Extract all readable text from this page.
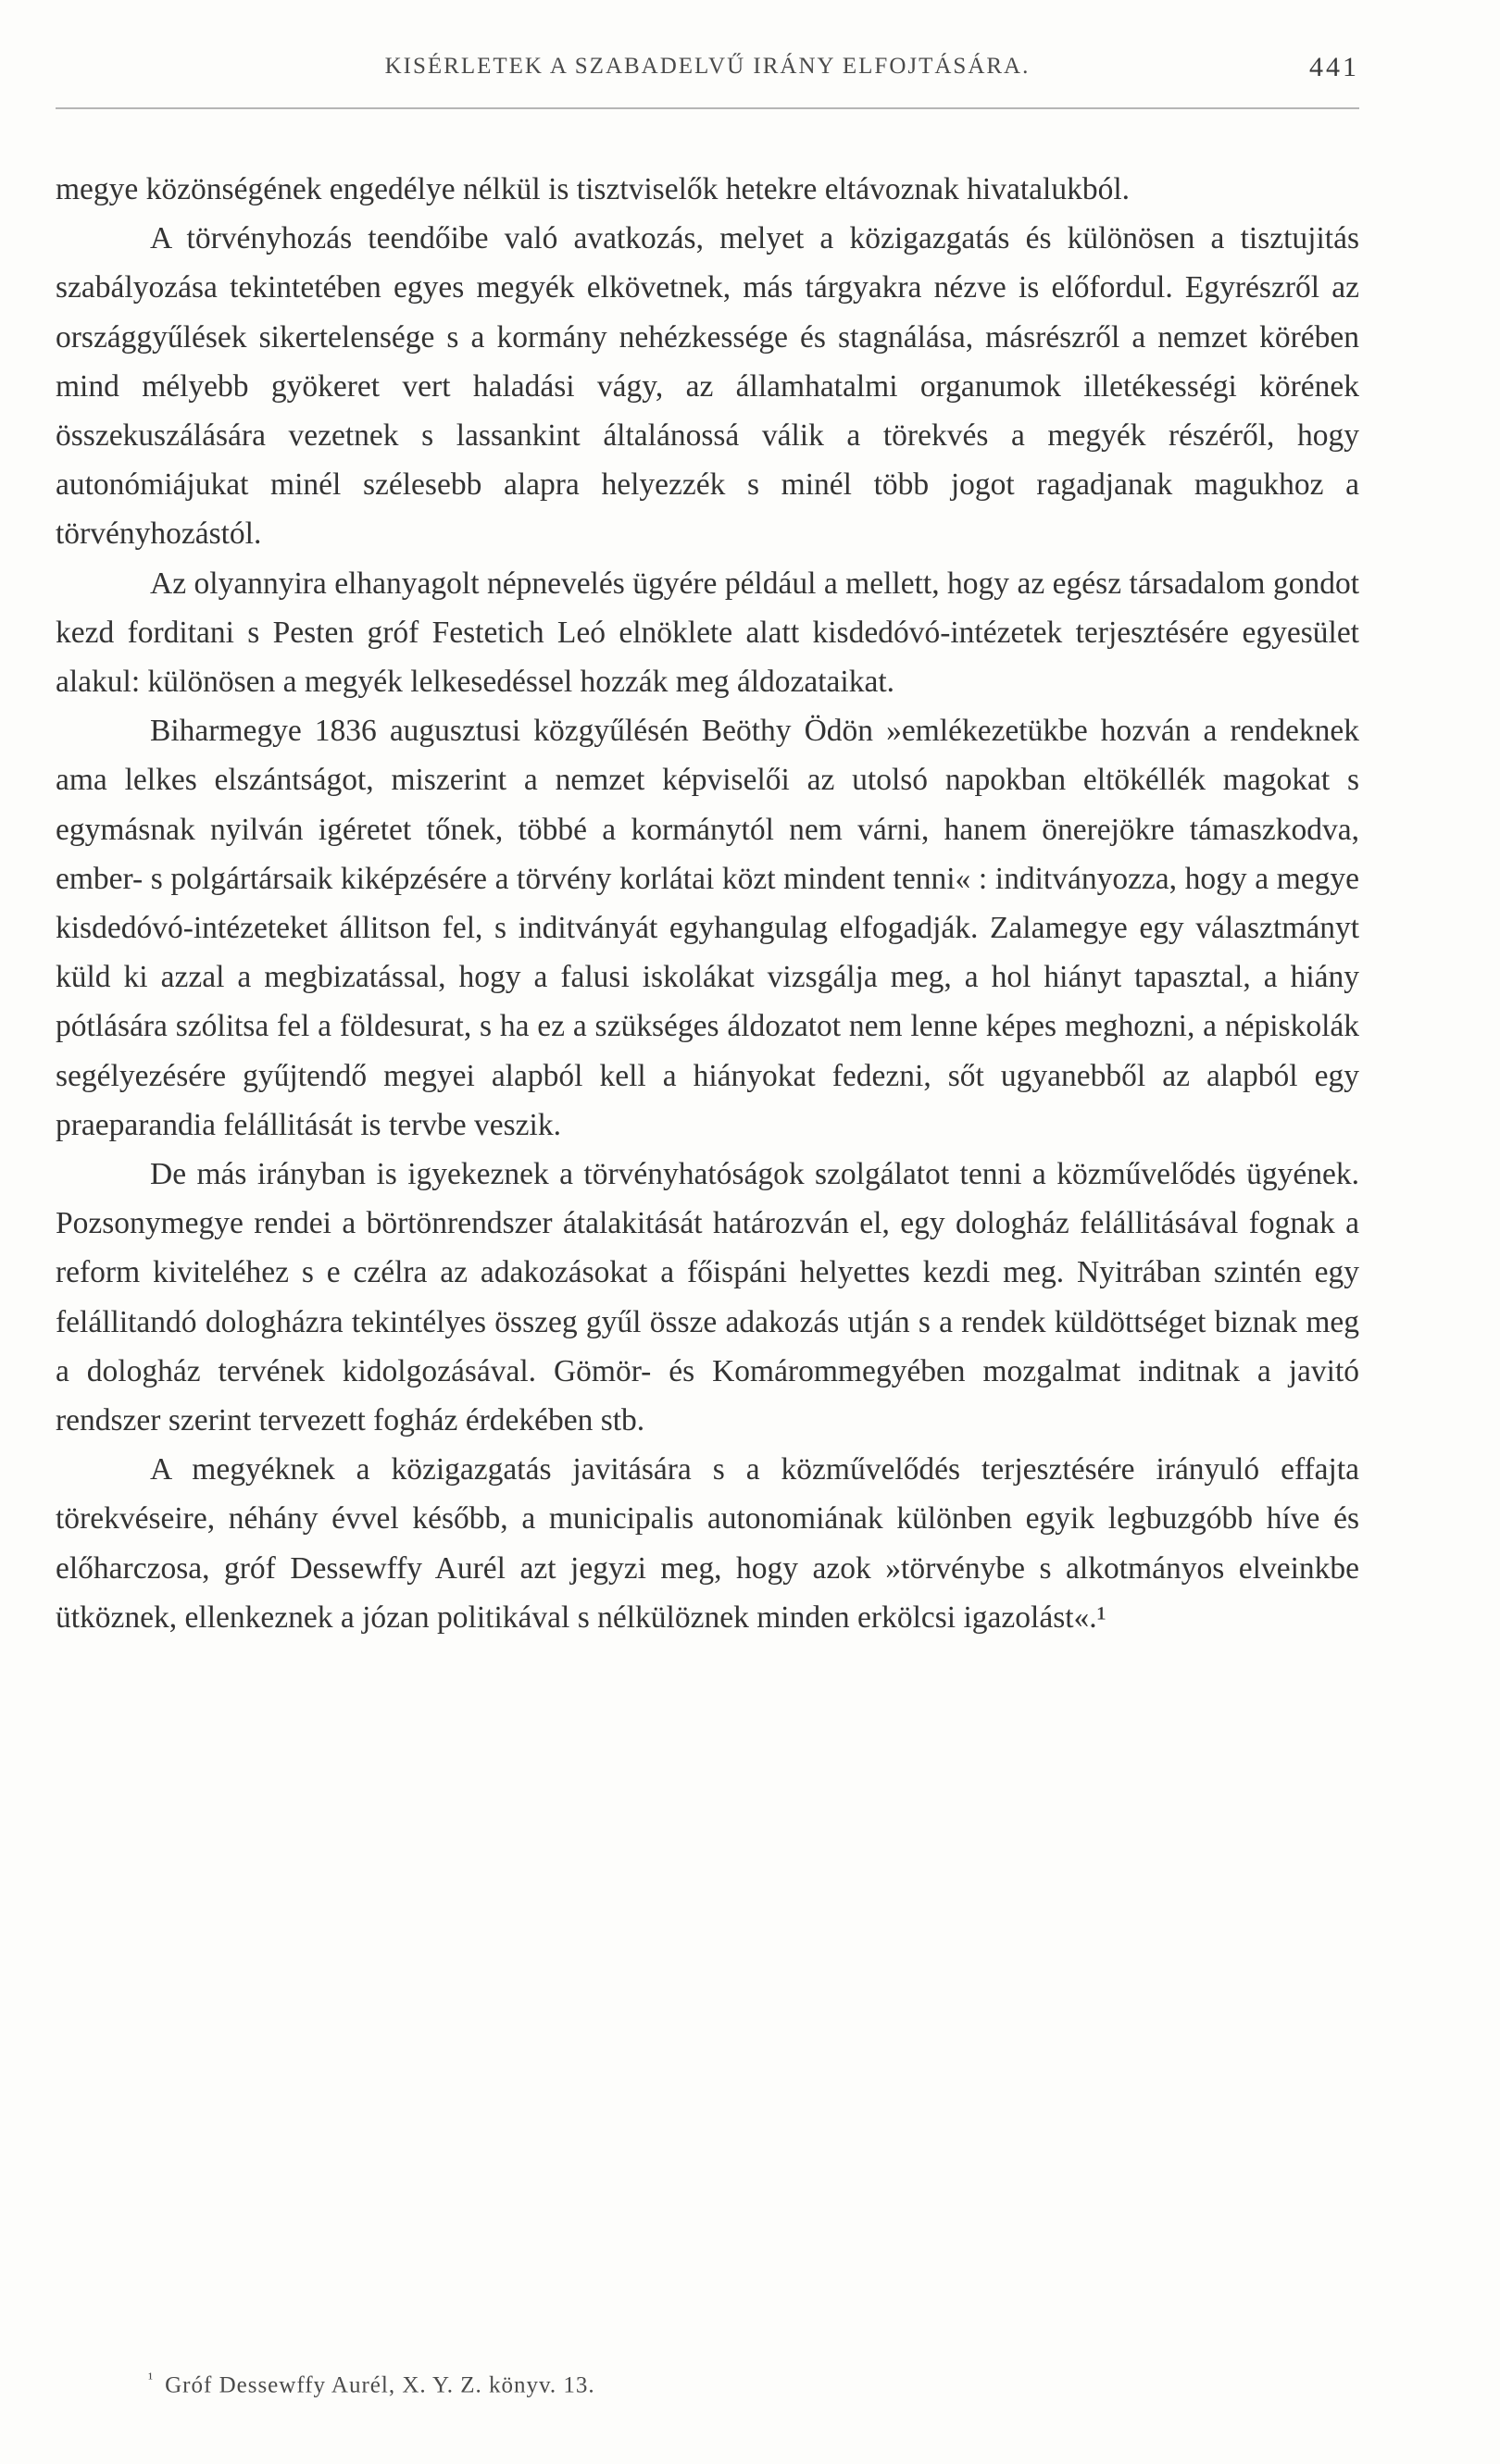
KISÉRLETEK A SZABADELVŰ IRÁNY ELFOJTÁSÁRA.	441

megye közönségének engedélye nélkül is tisztviselők hetekre eltávoznak hivatalukból.

A törvényhozás teendőibe való avatkozás, melyet a közigazgatás és különösen a tisztujitás szabályozása tekintetében egyes megyék elkövetnek, más tárgyakra nézve is előfordul. Egyrészről az országgyűlések sikertelensége s a kormány nehézkessége és stagnálása, másrészről a nemzet körében mind mélyebb gyökeret vert haladási vágy, az államhatalmi organumok illetékességi körének összekuszálására vezetnek s lassankint általánossá válik a törekvés a megyék részéről, hogy autonómiájukat minél szélesebb alapra helyezzék s minél több jogot ragadjanak magukhoz a törvényhozástól.

Az olyannyira elhanyagolt népnevelés ügyére például a mellett, hogy az egész társadalom gondot kezd forditani s Pesten gróf Festetich Leó elnöklete alatt kisdedóvó-intézetek terjesztésére egyesület alakul: különösen a megyék lelkesedéssel hozzák meg áldozataikat.

Biharmegye 1836 augusztusi közgyűlésén Beöthy Ödön »emlékezetükbe hozván a rendeknek ama lelkes elszántságot, miszerint a nemzet képviselői az utolsó napokban eltökéllék magokat s egymásnak nyilván igéretet tőnek, többé a kormánytól nem várni, hanem önerejökre támaszkodva, ember- s polgártársaik kiképzésére a törvény korlátai közt mindent tenni« : inditványozza, hogy a megye kisdedóvó-intézeteket állitson fel, s inditványát egyhangulag elfogadják. Zalamegye egy választmányt küld ki azzal a megbizatással, hogy a falusi iskolákat vizsgálja meg, a hol hiányt tapasztal, a hiány pótlására szólitsa fel a földesurat, s ha ez a szükséges áldozatot nem lenne képes meghozni, a népiskolák segélyezésére gyűjtendő megyei alapból kell a hiányokat fedezni, sőt ugyanebből az alapból egy praeparandia felállitását is tervbe veszik.

De más irányban is igyekeznek a törvényhatóságok szolgálatot tenni a közművelődés ügyének. Pozsonymegye rendei a börtönrendszer átalakitását határozván el, egy dologház felállitásával fognak a reform kiviteléhez s e czélra az adakozásokat a főispáni helyettes kezdi meg. Nyitrában szintén egy felállitandó dologházra tekintélyes összeg gyűl össze adakozás utján s a rendek küldöttséget biznak meg a dologház tervének kidolgozásával. Gömör- és Komárommegyében mozgalmat inditnak a javitó rendszer szerint tervezett fogház érdekében stb.

A megyéknek a közigazgatás javitására s a közművelődés terjesztésére irányuló effajta törekvéseire, néhány évvel később, a municipalis autonomiának különben egyik legbuzgóbb híve és előharczosa, gróf Dessewffy Aurél azt jegyzi meg, hogy azok »törvénybe s alkotmányos elveinkbe ütköznek, ellenkeznek a józan politikával s nélkülöznek minden erkölcsi igazolást«.¹

$^{^1}$ Gróf Dessewffy Aurél, X. Y. Z. könyv. 13.
